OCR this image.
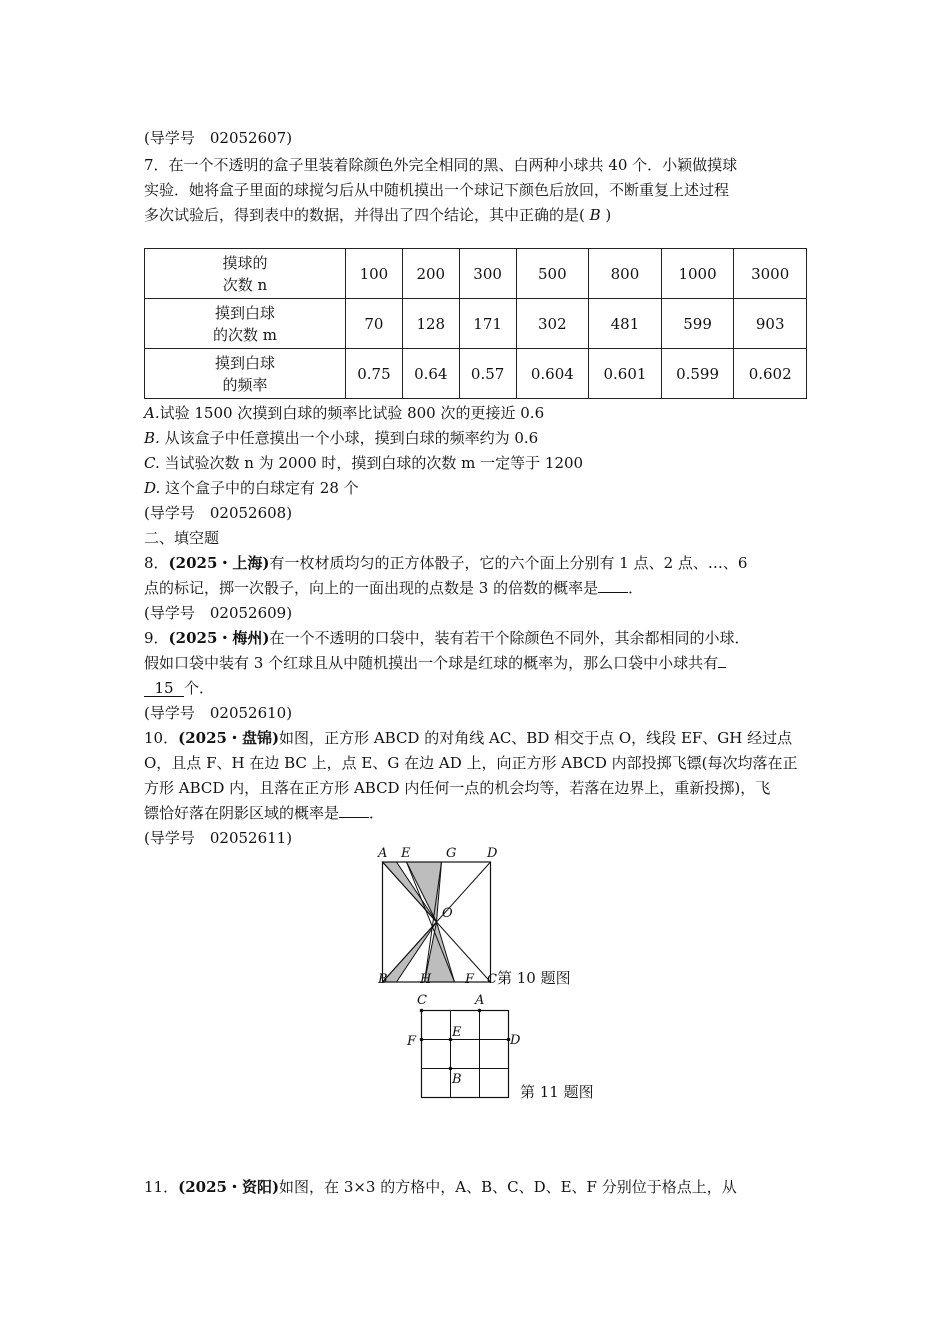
(导学号　02052607)
7．在一个不透明的盒子里装着除颜色外完全相同的黑、白两种小球共 40 个．小颖做摸球
实验．她将盒子里面的球搅匀后从中随机摸出一个球记下颜色后放回，不断重复上述过程
多次试验后，得到表中的数据，并得出了四个结论，其中正确的是( B )
摸球的
次数 n	100	200	300	500	800	1000	3000
摸到白球
的次数 m	70	128	171	302	481	599	903
摸到白球
的频率	0.75	0.64	0.57	0.604	0.601	0.599	0.602
A.试验 1500 次摸到白球的频率比试验 800 次的更接近 0.6
B. 从该盒子中任意摸出一个小球，摸到白球的频率约为 0.6
C. 当试验次数 n 为 2000 时，摸到白球的次数 m 一定等于 1200
D. 这个盒子中的白球定有 28 个
(导学号　02052608)
二、填空题
8．(2025・上海)有一枚材质均匀的正方体骰子，它的六个面上分别有 1 点、2 点、…、6
点的标记，掷一次骰子，向上的一面出现的点数是 3 的倍数的概率是 ．
(导学号　02052609)
9．(2025・梅州)在一个不透明的口袋中，装有若干个除颜色不同外，其余都相同的小球．
假如口袋中装有 3 个红球且从中随机摸出一个球是红球的概率为，那么口袋中小球共有
15 个．
(导学号　02052610)
10．(2025・盘锦)如图，正方形 ABCD 的对角线 AC、BD 相交于点 O，线段 EF、GH 经过点
O，且点 F、H 在边 BC 上，点 E、G 在边 AD 上，向正方形 ABCD 内部投掷飞镖(每次均落在正
方形 ABCD 内，且落在正方形 ABCD 内任何一点的机会均等，若落在边界上，重新投掷)，飞
镖恰好落在阴影区域的概率是 ．
(导学号　02052611)
A E	G D
O
B H	F C 第 10 题图
C	A
E
F	D
B
第 11 题图
11．(2025・资阳)如图，在 3×3 的方格中，A、B、C、D、E、F 分别位于格点上，从
